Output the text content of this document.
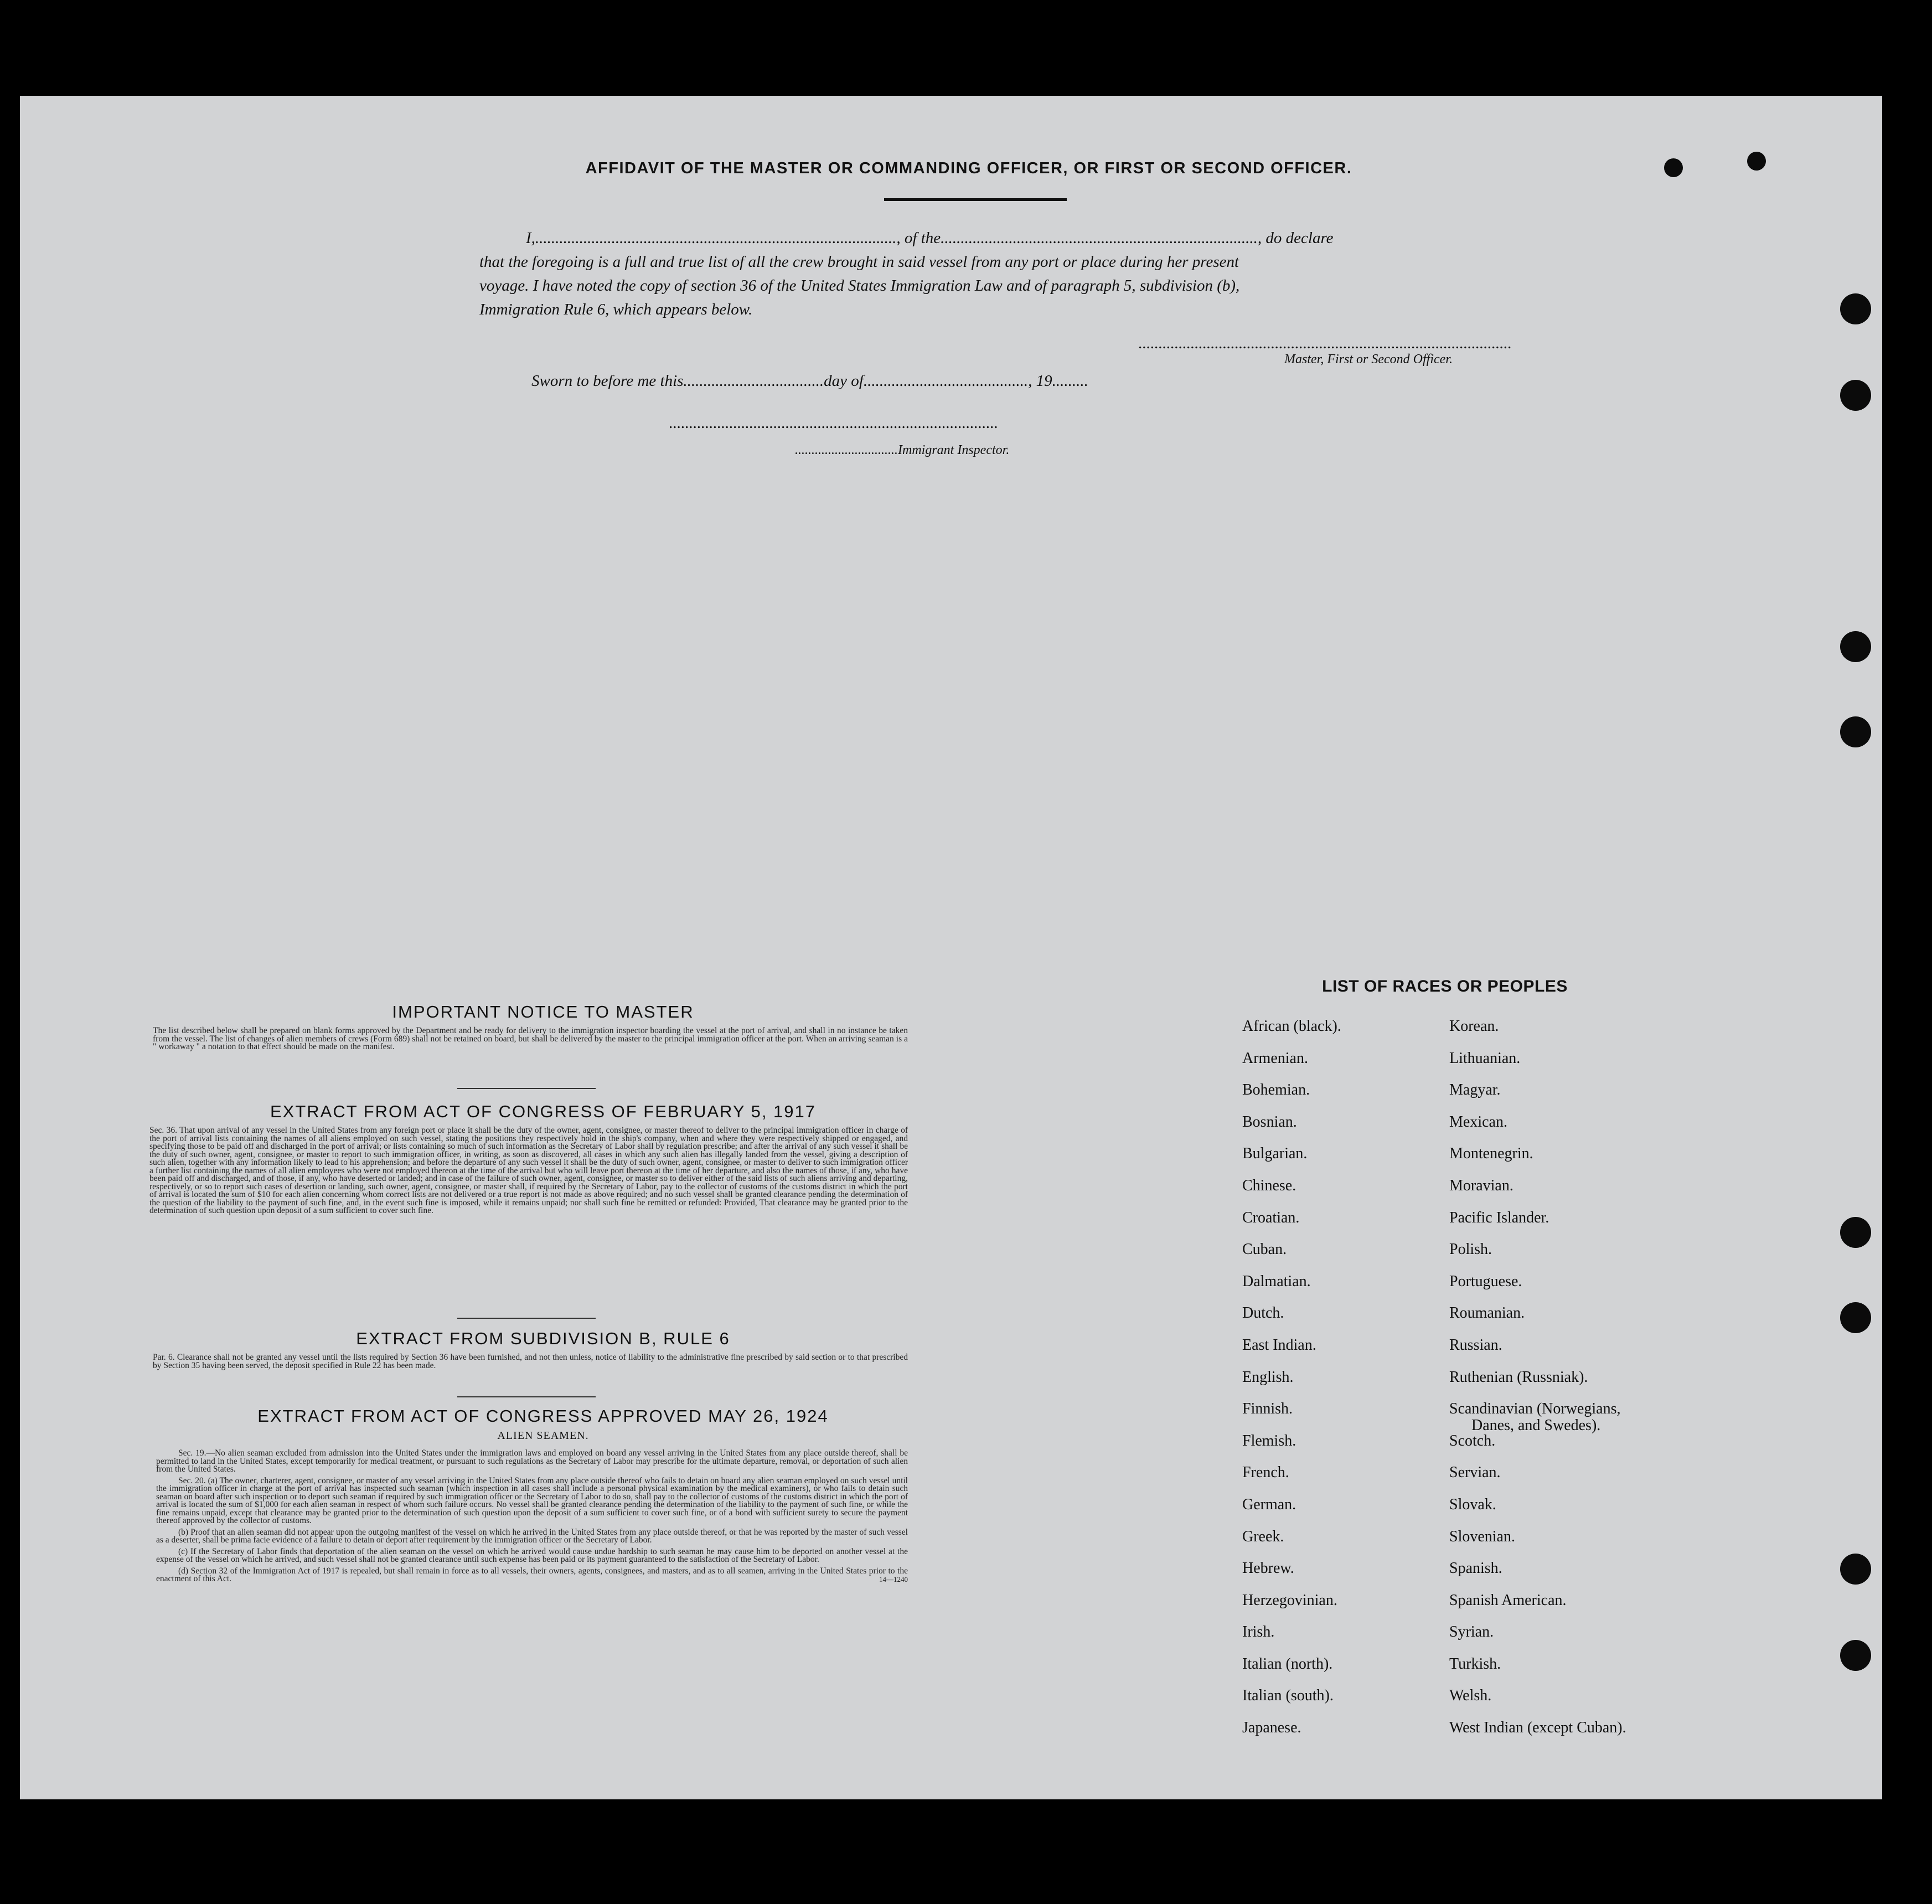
AFFIDAVIT OF THE MASTER OR COMMANDING OFFICER, OR FIRST OR SECOND OFFICER.
I,.........................................................................................., of the..............................................................................., do declare
that the foregoing is a full and true list of all the crew brought in said vessel from any port or place during her present
voyage. I have noted the copy of section 36 of the United States Immigration Law and of paragraph 5, subdivision (b),
Immigration Rule 6, which appears below.
.............................................................................................
Master, First or Second Officer.
Sworn to before me this...................................day of........................................., 19.........
..................................................................................
...............................Immigrant Inspector.
IMPORTANT NOTICE TO MASTER
The list described below shall be prepared on blank forms approved by the Department and be ready for delivery to the immigration inspector boarding the vessel at the port of arrival, and shall in no instance be taken from the vessel. The list of changes of alien members of crews (Form 689) shall not be retained on board, but shall be delivered by the master to the principal immigration officer at the port. When an arriving seaman is a " workaway " a notation to that effect should be made on the manifest.
EXTRACT FROM ACT OF CONGRESS OF FEBRUARY 5, 1917
Sec. 36. That upon arrival of any vessel in the United States from any foreign port or place it shall be the duty of the owner, agent, consignee, or master thereof to deliver to the principal immigration officer in charge of the port of arrival lists containing the names of all aliens employed on such vessel, stating the positions they respectively hold in the ship's company, when and where they were respectively shipped or engaged, and specifying those to be paid off and discharged in the port of arrival; or lists containing so much of such information as the Secretary of Labor shall by regulation prescribe; and after the arrival of any such vessel it shall be the duty of such owner, agent, consignee, or master to report to such immigration officer, in writing, as soon as discovered, all cases in which any such alien has illegally landed from the vessel, giving a description of such alien, together with any information likely to lead to his apprehension; and before the departure of any such vessel it shall be the duty of such owner, agent, consignee, or master to deliver to such immigration officer a further list containing the names of all alien employees who were not employed thereon at the time of the arrival but who will leave port thereon at the time of her departure, and also the names of those, if any, who have been paid off and discharged, and of those, if any, who have deserted or landed; and in case of the failure of such owner, agent, consignee, or master so to deliver either of the said lists of such aliens arriving and departing, respectively, or so to report such cases of desertion or landing, such owner, agent, consignee, or master shall, if required by the Secretary of Labor, pay to the collector of customs of the customs district in which the port of arrival is located the sum of $10 for each alien concerning whom correct lists are not delivered or a true report is not made as above required; and no such vessel shall be granted clearance pending the determination of the question of the liability to the payment of such fine, and, in the event such fine is imposed, while it remains unpaid; nor shall such fine be remitted or refunded: Provided, That clearance may be granted prior to the determination of such question upon deposit of a sum sufficient to cover such fine.
EXTRACT FROM SUBDIVISION B, RULE 6
Par. 6. Clearance shall not be granted any vessel until the lists required by Section 36 have been furnished, and not then unless, notice of liability to the administrative fine prescribed by said section or to that prescribed by Section 35 having been served, the deposit specified in Rule 22 has been made.
EXTRACT FROM ACT OF CONGRESS APPROVED MAY 26, 1924
ALIEN SEAMEN.
Sec. 19.—No alien seaman excluded from admission into the United States under the immigration laws and employed on board any vessel arriving in the United States from any place outside thereof, shall be permitted to land in the United States, except temporarily for medical treatment, or pursuant to such regulations as the Secretary of Labor may prescribe for the ultimate departure, removal, or deportation of such alien from the United States.
Sec. 20. (a) The owner, charterer, agent, consignee, or master of any vessel arriving in the United States from any place outside thereof who fails to detain on board any alien seaman employed on such vessel until the immigration officer in charge at the port of arrival has inspected such seaman (which inspection in all cases shall include a personal physical examination by the medical examiners), or who fails to detain such seaman on board after such inspection or to deport such seaman if required by such immigration officer or the Secretary of Labor to do so, shall pay to the collector of customs of the customs district in which the port of arrival is located the sum of $1,000 for each alien seaman in respect of whom such failure occurs. No vessel shall be granted clearance pending the determination of the liability to the payment of such fine, or while the fine remains unpaid, except that clearance may be granted prior to the determination of such question upon the deposit of a sum sufficient to cover such fine, or of a bond with sufficient surety to secure the payment thereof approved by the collector of customs.
(b) Proof that an alien seaman did not appear upon the outgoing manifest of the vessel on which he arrived in the United States from any place outside thereof, or that he was reported by the master of such vessel as a deserter, shall be prima facie evidence of a failure to detain or deport after requirement by the immigration officer or the Secretary of Labor.
(c) If the Secretary of Labor finds that deportation of the alien seaman on the vessel on which he arrived would cause undue hardship to such seaman he may cause him to be deported on another vessel at the expense of the vessel on which he arrived, and such vessel shall not be granted clearance until such expense has been paid or its payment guaranteed to the satisfaction of the Secretary of Labor.
(d) Section 32 of the Immigration Act of 1917 is repealed, but shall remain in force as to all vessels, their owners, agents, consignees, and masters, and as to all seamen, arriving in the United States prior to the enactment of this Act.	14—1240
LIST OF RACES OR PEOPLES
African (black).
Armenian.
Bohemian.
Bosnian.
Bulgarian.
Chinese.
Croatian.
Cuban.
Dalmatian.
Dutch.
East Indian.
English.
Finnish.
Flemish.
French.
German.
Greek.
Hebrew.
Herzegovinian.
Irish.
Italian (north).
Italian (south).
Japanese.
Korean.
Lithuanian.
Magyar.
Mexican.
Montenegrin.
Moravian.
Pacific Islander.
Polish.
Portuguese.
Roumanian.
Russian.
Ruthenian (Russniak).
Scandinavian (Norwegians,
Danes, and Swedes).
Scotch.
Servian.
Slovak.
Slovenian.
Spanish.
Spanish American.
Syrian.
Turkish.
Welsh.
West Indian (except Cuban).
